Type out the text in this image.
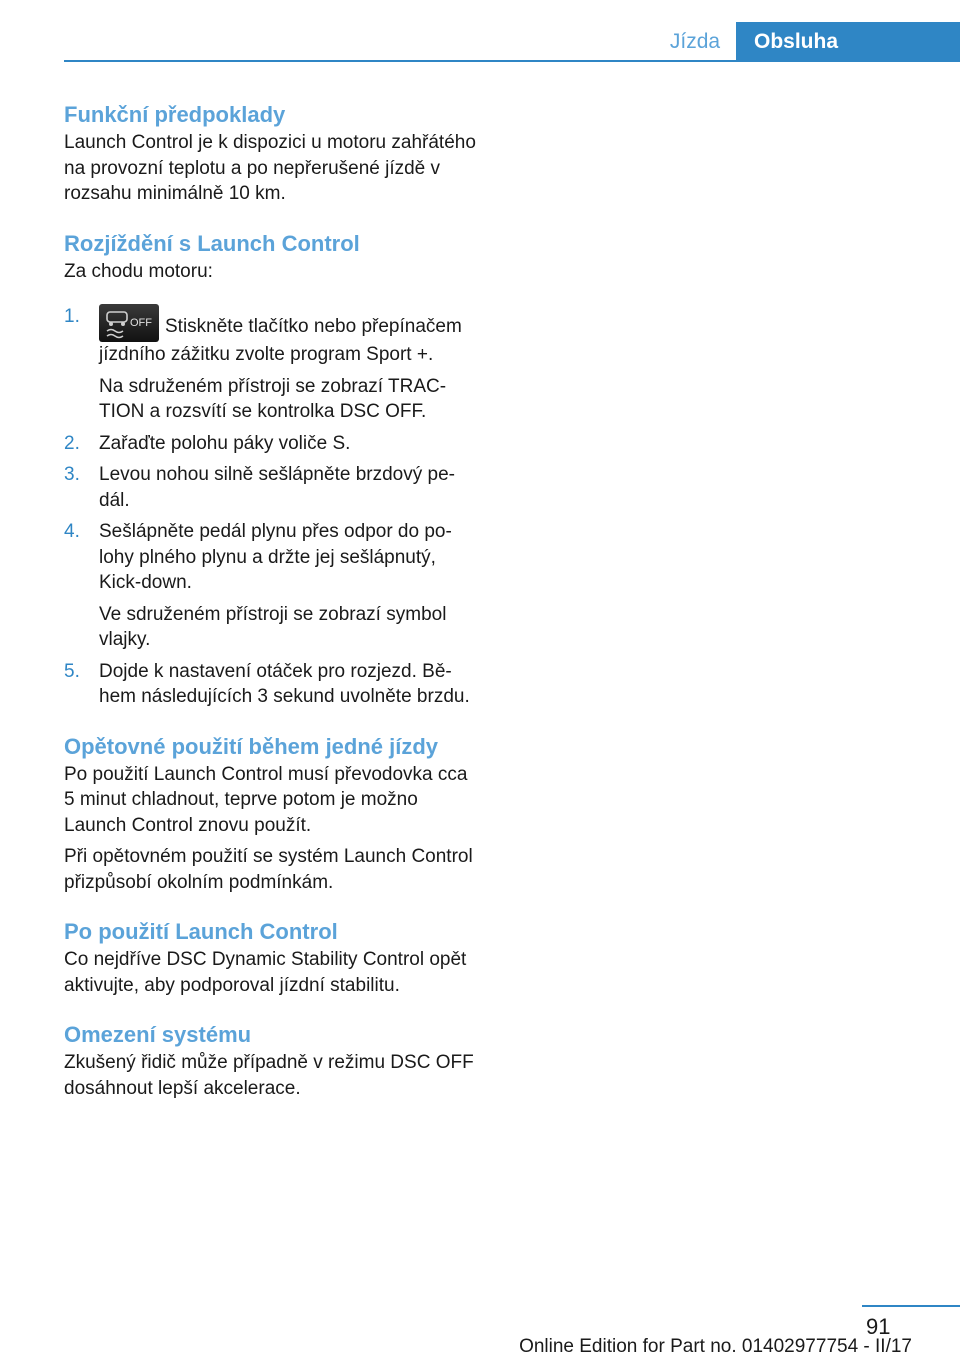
Jízda	Obsluha
Funkční předpoklady

Launch Control je k dispozici u motoru zahřátého na provozní teplotu a po nepřerušené jízdě v rozsahu minimálně 10 km.

Rozjíždění s Launch Control

Za chodu motoru:

1.	OFF Stiskněte tlačítko nebo přepínačem jízdního zážitku zvolte program Sport +.

Na sdruženém přístroji se zobrazí TRACTION a rozsvítí se kontrolka DSC OFF.

2. Zařaďte polohu páky voliče S.

3. Levou nohou silně sešlápněte brzdový pedál.

4. Sešlápněte pedál plynu přes odpor do polohy plného plynu a držte jej sešlápnutý, Kick-down.

Ve sdruženém přístroji se zobrazí symbol vlajky.

5. Dojde k nastavení otáček pro rozjezd. Během následujících 3 sekund uvolněte brzdu.

Opětovné použití během jedné jízdy

Po použití Launch Control musí převodovka cca 5 minut chladnout, teprve potom je možno Launch Control znovu použít.

Při opětovném použití se systém Launch Control přizpůsobí okolním podmínkám.

Po použití Launch Control

Co nejdříve DSC Dynamic Stability Control opět aktivujte, aby podporoval jízdní stabilitu.

Omezení systému

Zkušený řidič může případně v režimu DSC OFF dosáhnout lepší akcelerace.

91
Online Edition for Part no. 01402977754 - II/17
